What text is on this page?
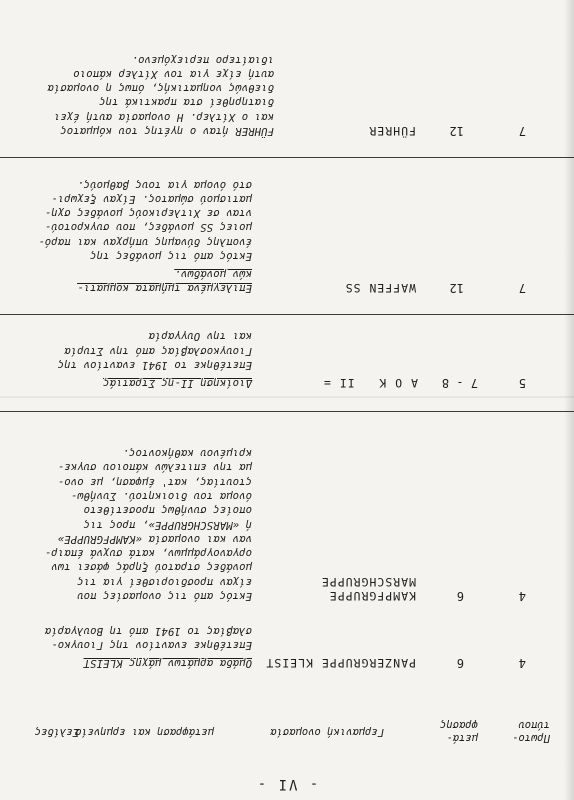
- VI -
Πρωτο-
τύπου
μετά-
φρασης
Γερμανική ονομασία
μετάφραση και ερμηνεία
Σελίδες
4
6
PANZERGRUPPE KLEIST
Ομάδα αρμάτων μάχης KLEIST
Επετέθηκε εναντίον της Γιουγκο-
σλαβίας το 1941 από τη Βουλγαρία
4
6
KAMPFGRUPPE
MARSCHGRUPPE
Εκτός από τις ονομασίες που
είχαν προσδιορισθεί για τις
μονάδες στρατού ξηράς φάσει των
οργανογράμμων, κατά συχνά έπαιρ-
ναν και ονομασία «KAMPFGRUPPE»
ή «MARSCHGRUPPE», προς τις
οποίες συνήθως προσετίθετο
όνομα του διοικητού. Συνήθω-
ςτουτίας, κατ' έμφαση, με ονο-
μα την επιτελών κάποιου συγκε-
κριμένου καθήκοντος.
5
7 - 8
A O K   II =
Διοίκηση II-ης Στρατιάς
Επετέθηκε το 1941 εναντίον της
Γιουγκοσλαβίας από την Στυρία
και την Ουγγαρία
7
12
WAFFEN SS
Επιλεγμένα τμήματα κομματι-
κών μονάδων.
Εκτός από τις μονάδες της
ένοπλης δύναμης υπήρχαν και παρό-
μοιες SS μονάδες, που συγκροτού-
νταν σε Χιτλερικούς μονάδες σχη-
ματισμού σώματος. Είχαν ξεχωρι-
στό όνομα για τους βαθμούς.
7
12
FÜHRER
FÜHRER ήταν ο ηγέτης του κόμματος
και ο Χίτλερ. Η ονομασία αυτή έχει
διατηρηθεί στα πρακτικά της
διεθνώς νοηματικής, όπως η ονομασία
αυτή είχε για τον Χίτλερ κάποιο
ιδιαίτερο περιεχόμενο.
